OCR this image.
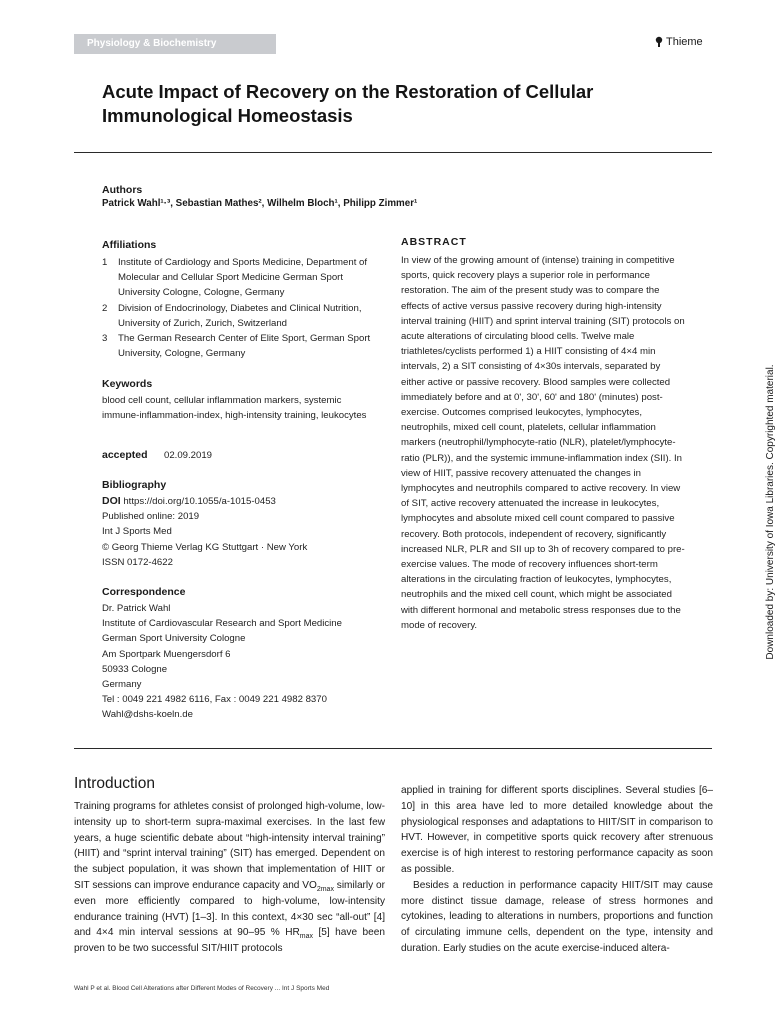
Physiology & Biochemistry	Thieme
Acute Impact of Recovery on the Restoration of Cellular Immunological Homeostasis
Authors
Patrick Wahl¹·³, Sebastian Mathes², Wilhelm Bloch¹, Philipp Zimmer¹
Affiliations
1 Institute of Cardiology and Sports Medicine, Department of Molecular and Cellular Sport Medicine German Sport University Cologne, Cologne, Germany
2 Division of Endocrinology, Diabetes and Clinical Nutrition, University of Zurich, Zurich, Switzerland
3 The German Research Center of Elite Sport, German Sport University, Cologne, Germany
Keywords
blood cell count, cellular inflammation markers, systemic immune-inflammation-index, high-intensity training, leukocytes
accepted 02.09.2019
Bibliography
DOI https://doi.org/10.1055/a-1015-0453
Published online: 2019
Int J Sports Med
© Georg Thieme Verlag KG Stuttgart · New York
ISSN 0172-4622
Correspondence
Dr. Patrick Wahl
Institute of Cardiovascular Research and Sport Medicine
German Sport University Cologne
Am Sportpark Muengersdorf 6
50933 Cologne
Germany
Tel : 0049 221 4982 6116, Fax : 0049 221 4982 8370
Wahl@dshs-koeln.de
ABSTRACT
In view of the growing amount of (intense) training in competitive sports, quick recovery plays a superior role in performance restoration. The aim of the present study was to compare the effects of active versus passive recovery during high-intensity interval training (HIIT) and sprint interval training (SIT) protocols on acute alterations of circulating blood cells. Twelve male triathletes/cyclists performed 1) a HIIT consisting of 4×4 min intervals, 2) a SIT consisting of 4×30s intervals, separated by either active or passive recovery. Blood samples were collected immediately before and at 0', 30', 60' and 180' (minutes) post-exercise. Outcomes comprised leukocytes, lymphocytes, neutrophils, mixed cell count, platelets, cellular inflammation markers (neutrophil/lymphocyte-ratio (NLR), platelet/lymphocyte-ratio (PLR)), and the systemic immune-inflammation index (SII). In view of HIIT, passive recovery attenuated the changes in lymphocytes and neutrophils compared to active recovery. In view of SIT, active recovery attenuated the increase in leukocytes, lymphocytes and absolute mixed cell count compared to passive recovery. Both protocols, independent of recovery, significantly increased NLR, PLR and SII up to 3h of recovery compared to pre-exercise values. The mode of recovery influences short-term alterations in the circulating fraction of leukocytes, lymphocytes, neutrophils and the mixed cell count, which might be associated with different hormonal and metabolic stress responses due to the mode of recovery.	Downloaded by: University of Iowa Libraries. Copyrighted material.
Introduction

Training programs for athletes consist of prolonged high-volume, low-intensity up to short-term supra-maximal exercises. In the last few years, a huge scientific debate about “high-intensity interval training” (HIIT) and “sprint interval training” (SIT) has emerged. Dependent on the subject population, it was shown that implementation of HIIT or SIT sessions can improve endurance capacity and $VO_{2max}$ similarly or even more efficiently compared to high-volume, low-intensity endurance training (HVT) [1–3]. In this context, 4×30 sec “all-out” [4] and 4×4 min interval sessions at 90–95 % $HR_{max}$ [5] have been proven to be two successful SIT/HIIT protocols

applied in training for different sports disciplines. Several studies [6–10] in this area have led to more detailed knowledge about the physiological responses and adaptations to HIIT/SIT in comparison to HVT. However, in competitive sports quick recovery after strenuous exercise is of high interest to restoring performance capacity as soon as possible.

Besides a reduction in performance capacity HIIT/SIT may cause more distinct tissue damage, release of stress hormones and cytokines, leading to alterations in numbers, proportions and function of circulating immune cells, dependent on the type, intensity and duration. Early studies on the acute exercise-induced altera-

Wahl P et al. Blood Cell Alterations after Different Modes of Recovery ... Int J Sports Med
